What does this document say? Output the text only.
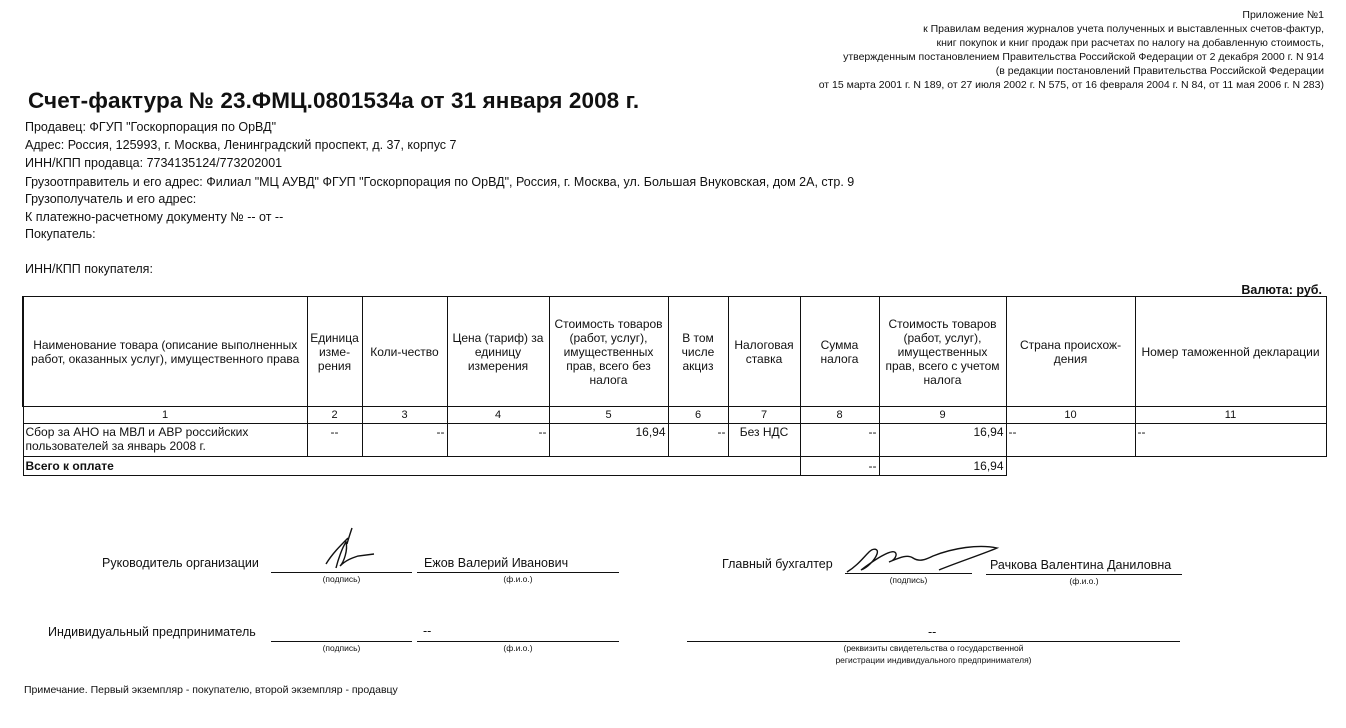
Приложение №1
к Правилам ведения журналов учета полученных и выставленных счетов-фактур,
книг покупок и книг продаж при расчетах по налогу на добавленную стоимость,
утвержденным постановлением Правительства Российской Федерации от 2 декабря 2000 г. N 914
(в редакции постановлений Правительства Российской Федерации
от 15 марта 2001 г. N 189, от 27 июля 2002 г. N 575, от 16 февраля 2004 г. N 84, от 11 мая 2006 г. N 283)
Счет-фактура № 23.ФМЦ.0801534а от 31 января 2008 г.
Продавец: ФГУП "Госкорпорация по ОрВД"
Адрес: Россия, 125993, г. Москва, Ленинградский проспект, д. 37, корпус 7
ИНН/КПП продавца: 7734135124/773202001
Грузоотправитель и его адрес: Филиал "МЦ АУВД" ФГУП "Госкорпорация по ОрВД", Россия, г. Москва, ул. Большая Внуковская, дом 2А, стр. 9
Грузополучатель и его адрес:
К платежно-расчетному документу № -- от --
Покупатель:
ИНН/КПП покупателя:
Валюта: руб.
Наименование товара (описание выполненных работ, оказанных услуг), имущественного права	Единица изме-рения	Коли-чество	Цена (тариф) за единицу измерения	Стоимость товаров (работ, услуг), имущественных прав, всего без налога	В том числе акциз	Налоговая ставка	Сумма налога	Стоимость товаров (работ, услуг), имущественных прав, всего с учетом налога	Страна происхож-дения	Номер таможенной декларации
1	2	3	4	5	6	7	8	9	10	11
Сбор за АНО на МВЛ и АВР российских пользователей за январь 2008 г.	--	--	--	16,94	--	Без НДС	--	16,94	--	--
Всего к оплате							--	16,94		
Руководитель организации
(подпись)
Ежов Валерий Иванович
(ф.и.о.)
Главный бухгалтер
(подпись)
Рачкова Валентина Даниловна
(ф.и.о.)
Индивидуальный предприниматель
(подпись)
--
(ф.и.о.)
--
(реквизиты свидетельства о государственной
регистрации индивидуального предпринимателя)
Примечание. Первый экземпляр - покупателю, второй экземпляр - продавцу
